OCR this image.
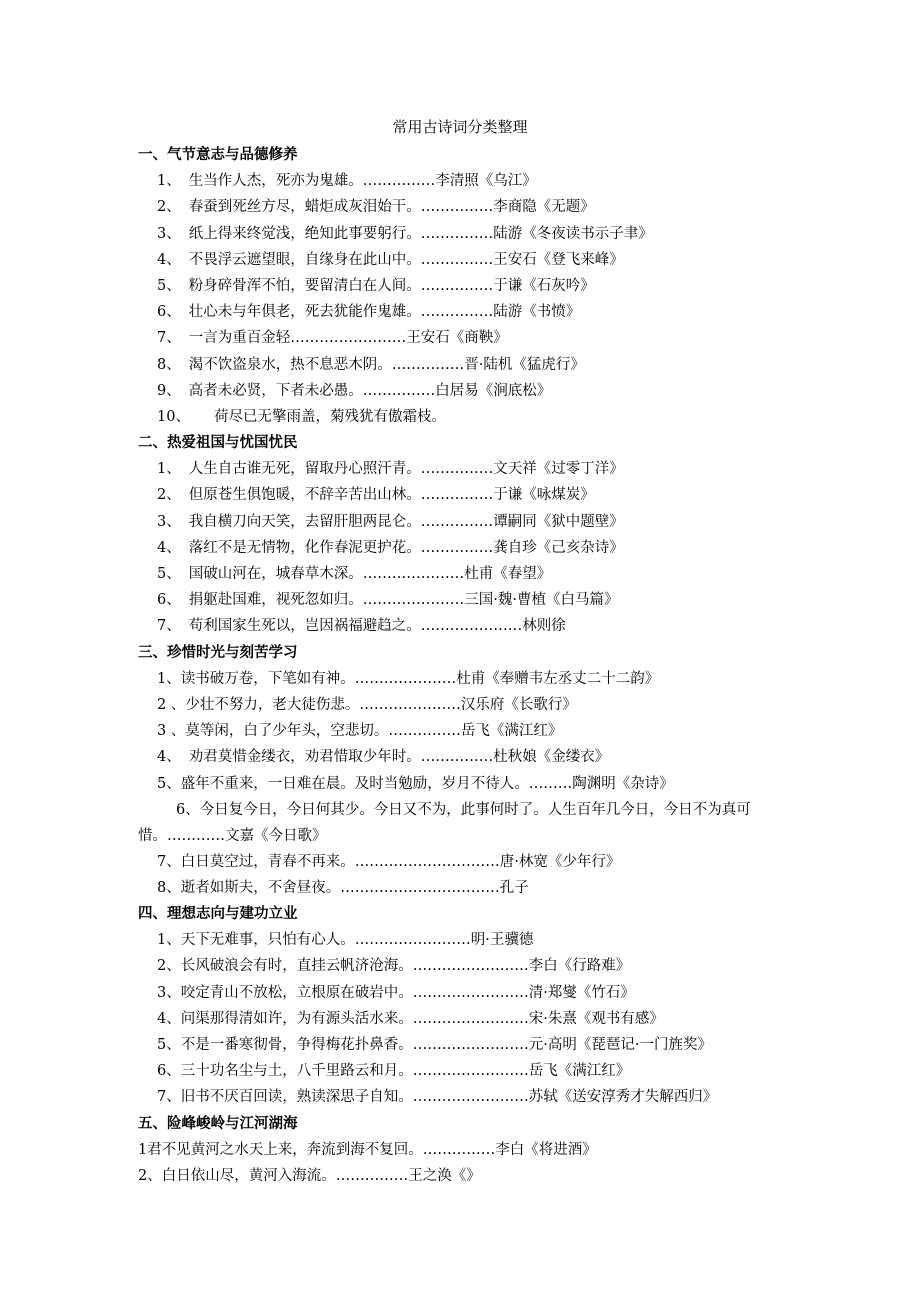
常用古诗词分类整理
一、气节意志与品德修养
1、 生当作人杰，死亦为鬼雄。……………李清照《乌江》
2、 春蚕到死丝方尽，蜡炬成灰泪始干。……………李商隐《无题》
3、 纸上得来终觉浅，绝知此事要躬行。……………陆游《冬夜读书示子聿》
4、 不畏浮云遮望眼，自缘身在此山中。……………王安石《登飞来峰》
5、 粉身碎骨浑不怕，要留清白在人间。……………于谦《石灰吟》
6、 壮心未与年俱老，死去犹能作鬼雄。……………陆游《书愤》
7、 一言为重百金轻……………………王安石《商鞅》
8、 渴不饮盗泉水，热不息恶木阴。……………晋·陆机《猛虎行》
9、 高者未必贤，下者未必愚。……………白居易《涧底松》
10、 荷尽已无擎雨盖，菊残犹有傲霜枝。
二、热爱祖国与忧国忧民
1、 人生自古谁无死，留取丹心照汗青。……………文天祥《过零丁洋》
2、 但原苍生俱饱暖，不辞辛苦出山林。……………于谦《咏煤炭》
3、 我自横刀向天笑，去留肝胆两昆仑。……………谭嗣同《狱中题壁》
4、 落红不是无情物，化作春泥更护花。……………龚自珍《己亥杂诗》
5、 国破山河在，城春草木深。…………………杜甫《春望》
6、 捐躯赴国难，视死忽如归。…………………三国·魏·曹植《白马篇》
7、 苟利国家生死以，岂因祸福避趋之。…………………林则徐
三、珍惜时光与刻苦学习
1、读书破万卷，下笔如有神。…………………杜甫《奉赠韦左丞丈二十二韵》
2 、少壮不努力，老大徒伤悲。…………………汉乐府《长歌行》
3 、莫等闲，白了少年头，空悲切。……………岳飞《满江红》
4、 劝君莫惜金缕衣，劝君惜取少年时。……………杜秋娘《金缕衣》
5、盛年不重来，一日难在晨。及时当勉励，岁月不待人。………陶渊明《杂诗》
6、今日复今日，今日何其少。今日又不为，此事何时了。人生百年几今日，今日不为真可惜。…………文嘉《今日歌》
7、白日莫空过，青春不再来。…………………………唐·林宽《少年行》
8、逝者如斯夫，不舍昼夜。……………………………孔子
四、理想志向与建功立业
1、天下无难事，只怕有心人。……………………明·王骥德
2、长风破浪会有时，直挂云帆济沧海。……………………李白《行路难》
3、咬定青山不放松，立根原在破岩中。……………………清·郑燮《竹石》
4、问渠那得清如许，为有源头活水来。……………………宋·朱熹《观书有感》
5、不是一番寒彻骨，争得梅花扑鼻香。……………………元·高明《琵琶记·一门旌奖》
6、三十功名尘与土，八千里路云和月。……………………岳飞《满江红》
7、旧书不厌百回读，熟读深思子自知。……………………苏轼《送安淳秀才失解西归》
五、险峰峻岭与江河湖海
1君不见黄河之水天上来，奔流到海不复回。……………李白《将进酒》
2、白日依山尽，黄河入海流。……………王之涣《》
